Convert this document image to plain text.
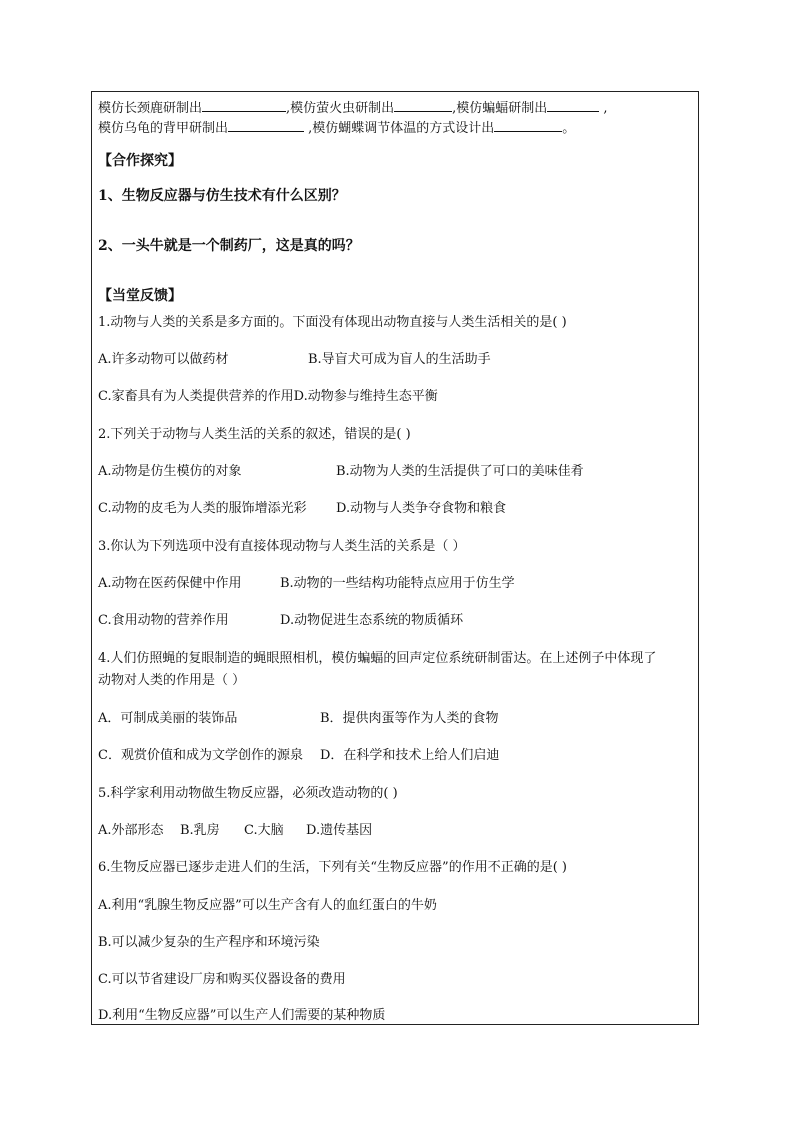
模仿长颈鹿研制出	,模仿萤火虫研制出	,模仿蝙蝠研制出	,
模仿乌龟的背甲研制出	,模仿蝴蝶调节体温的方式设计出	。
【合作探究】
1、生物反应器与仿生技术有什么区别？
2、一头牛就是一个制药厂，这是真的吗？
【当堂反馈】
1.动物与人类的关系是多方面的。下面没有体现出动物直接与人类生活相关的是( )
A.许多动物可以做药材	B.导盲犬可成为盲人的生活助手
C.家畜具有为人类提供营养的作用D.动物参与维持生态平衡
2.下列关于动物与人类生活的关系的叙述，错误的是( )
A.动物是仿生模仿的对象	B.动物为人类的生活提供了可口的美味佳肴
C.动物的皮毛为人类的服饰增添光彩 D.动物与人类争夺食物和粮食
3.你认为下列选项中没有直接体现动物与人类生活的关系是（ ）
A.动物在医药保健中作用	B.动物的一些结构功能特点应用于仿生学
C.食用动物的营养作用	D.动物促进生态系统的物质循环
4.人们仿照蝇的复眼制造的蝇眼照相机，模仿蝙蝠的回声定位系统研制雷达。在上述例子中体现了
动物对人类的作用是（ ）
A．可制成美丽的装饰品	B．提供肉蛋等作为人类的食物
C．观赏价值和成为文学创作的源泉 D．在科学和技术上给人们启迪
5.科学家利用动物做生物反应器，必须改造动物的( )
A.外部形态 B.乳房 C.大脑 D.遗传基因
6.生物反应器已逐步走进人们的生活，下列有关“生物反应器”的作用不正确的是( )
A.利用“乳腺生物反应器”可以生产含有人的血红蛋白的牛奶
B.可以减少复杂的生产程序和环境污染
C.可以节省建设厂房和购买仪器设备的费用
D.利用“生物反应器”可以生产人们需要的某种物质
